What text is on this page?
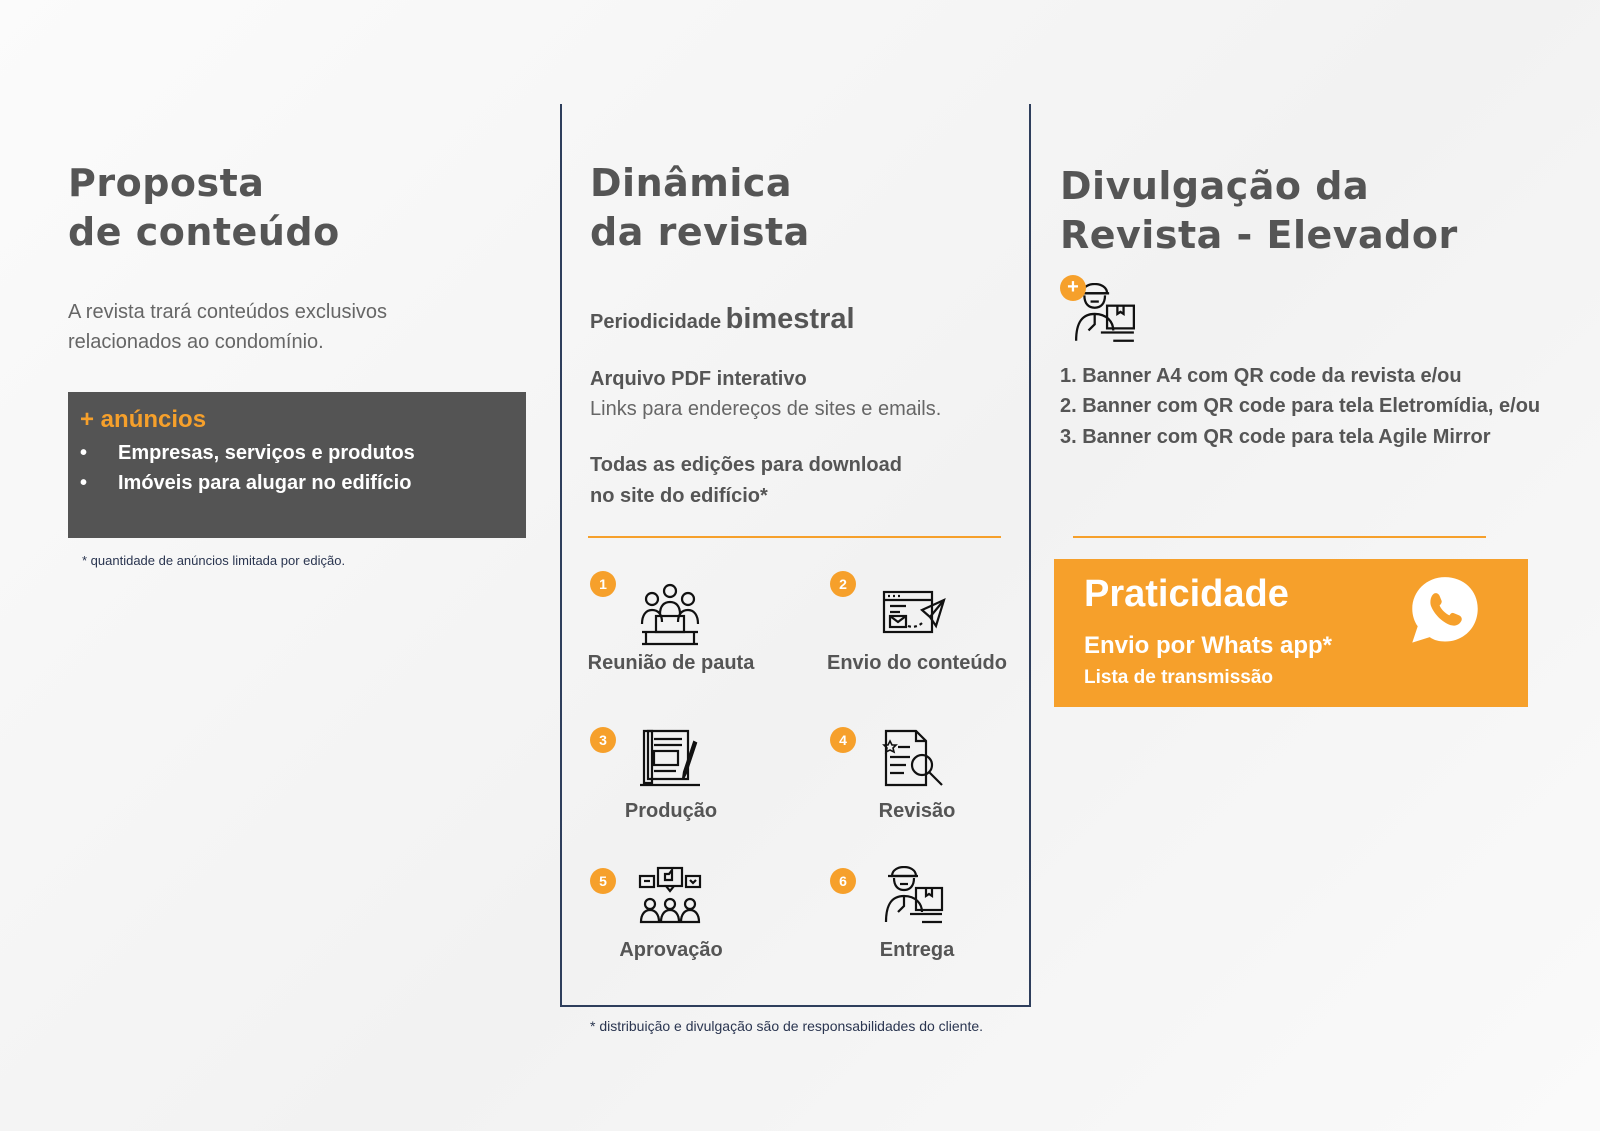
Proposta
de conteúdo
A revista trará conteúdos exclusivos
relacionados ao condomínio.
+ anúncios
• Empresas, serviços e produtos
• Imóveis para alugar no edifício
* quantidade de anúncios limitada por edição.
Dinâmica
da revista
Periodicidade bimestral
Arquivo PDF interativo
Links para endereços de sites e emails.
Todas as edições para download
no site do edifício*
1
Reunião de pauta
2
Envio do conteúdo
3
Produção
4
Revisão
5
Aprovação
6
Entrega
* distribuição e divulgação são de responsabilidades do cliente.
Divulgação da
Revista - Elevador
+
1. Banner A4 com QR code da revista e/ou
2. Banner com QR code para tela Eletromídia, e/ou
3. Banner com QR code para tela Agile Mirror
Praticidade
Envio por Whats app*
Lista de transmissão
